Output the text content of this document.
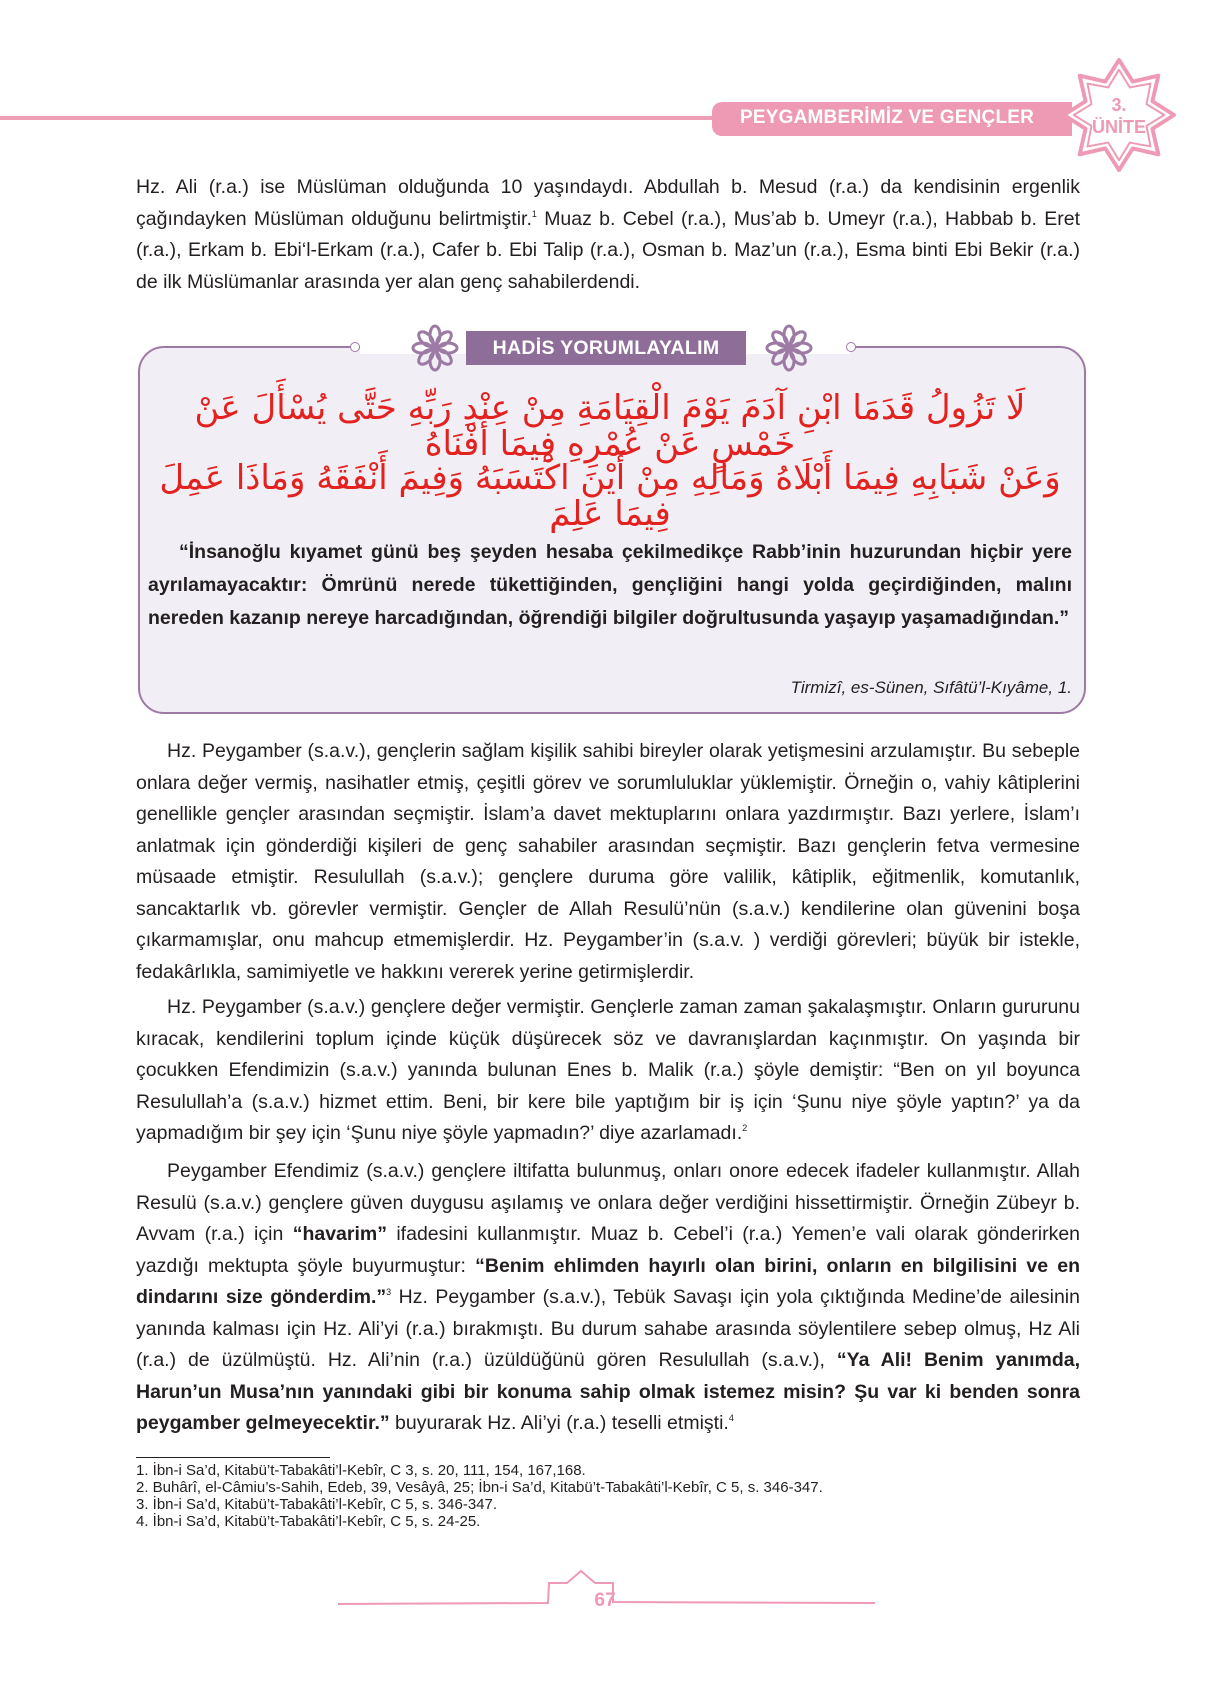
PEYGAMBERİMİZ VE GENÇLER
3.
ÜNİTE

Hz. Ali (r.a.) ise Müslüman olduğunda 10 yaşındaydı. Abdullah b. Mesud (r.a.) da kendisinin ergenlik çağındayken Müslüman olduğunu belirtmiştir.$^1$ Muaz b. Cebel (r.a.), Mus’ab b. Umeyr (r.a.), Habbab b. Eret (r.a.), Erkam b. Ebi‘l-Erkam (r.a.), Cafer b. Ebi Talip (r.a.), Osman b. Maz’un (r.a.), Esma binti Ebi Bekir (r.a.) de ilk Müslümanlar arasında yer alan genç sahabilerdendi.

HADİS YORUMLAYALIM
لَا تَزُولُ قَدَمَا ابْنِ آدَمَ يَوْمَ الْقِيَامَةِ مِنْ عِنْدِ رَبِّهِ حَتَّى يُسْأَلَ عَنْ خَمْسٍ عَنْ عُمْرِهِ فِيمَا أَفْنَاهُ
وَعَنْ شَبَابِهِ فِيمَا أَبْلَاهُ وَمَالِهِ مِنْ أَيْنَ اكْتَسَبَهُ وَفِيمَ أَنْفَقَهُ وَمَاذَا عَمِلَ فِيمَا عَلِمَ

“İnsanoğlu kıyamet günü beş şeyden hesaba çekilmedikçe Rabb’inin huzurundan hiçbir yere ayrılamayacaktır: Ömrünü nerede tükettiğinden, gençliğini hangi yolda geçirdiğinden, malını nereden kazanıp nereye harcadığından, öğrendiği bilgiler doğrultusunda yaşayıp yaşamadığından.”

Tirmizî, es-Sünen, Sıfâtü’l-Kıyâme, 1.

Hz. Peygamber (s.a.v.), gençlerin sağlam kişilik sahibi bireyler olarak yetişmesini arzulamıştır. Bu sebeple onlara değer vermiş, nasihatler etmiş, çeşitli görev ve sorumluluklar yüklemiştir. Örneğin o, vahiy kâtiplerini genellikle gençler arasından seçmiştir. İslam’a davet mektuplarını onlara yazdırmıştır. Bazı yerlere, İslam’ı anlatmak için gönderdiği kişileri de genç sahabiler arasından seçmiştir. Bazı gençlerin fetva vermesine müsaade etmiştir. Resulullah (s.a.v.); gençlere duruma göre valilik, kâtiplik, eğitmenlik, komutanlık, sancaktarlık vb. görevler vermiştir. Gençler de Allah Resulü’nün (s.a.v.) kendilerine olan güvenini boşa çıkarmamışlar, onu mahcup etmemişlerdir. Hz. Peygamber’in (s.a.v. ) verdiği görevleri; büyük bir istekle, fedakârlıkla, samimiyetle ve hakkını vererek yerine getirmişlerdir.

Hz. Peygamber (s.a.v.) gençlere değer vermiştir. Gençlerle zaman zaman şakalaşmıştır. Onların gururunu kıracak, kendilerini toplum içinde küçük düşürecek söz ve davranışlardan kaçınmıştır. On yaşında bir çocukken Efendimizin (s.a.v.) yanında bulunan Enes b. Malik (r.a.) şöyle demiştir: “Ben on yıl boyunca Resulullah’a (s.a.v.) hizmet ettim. Beni, bir kere bile yaptığım bir iş için ‘Şunu niye şöyle yaptın?’ ya da yapmadığım bir şey için ‘Şunu niye şöyle yapmadın?’ diye azarlamadı.$^2$

Peygamber Efendimiz (s.a.v.) gençlere iltifatta bulunmuş, onları onore edecek ifadeler kullanmıştır. Allah Resulü (s.a.v.) gençlere güven duygusu aşılamış ve onlara değer verdiğini hissettirmiştir. Örneğin Zübeyr b. Avvam (r.a.) için “havarim” ifadesini kullanmıştır. Muaz b. Cebel’i (r.a.) Yemen’e vali olarak gönderirken yazdığı mektupta şöyle buyurmuştur: “Benim ehlimden hayırlı olan birini, onların en bilgilisini ve en dindarını size gönderdim.”$^3$ Hz. Peygamber (s.a.v.), Tebük Savaşı için yola çıktığında Medine’de ailesinin yanında kalması için Hz. Ali’yi (r.a.) bırakmıştı. Bu durum sahabe arasında söylentilere sebep olmuş, Hz Ali (r.a.) de üzülmüştü. Hz. Ali’nin (r.a.) üzüldüğünü gören Resulullah (s.a.v.), “Ya Ali! Benim yanımda, Harun’un Musa’nın yanındaki gibi bir konuma sahip olmak istemez misin? Şu var ki benden sonra peygamber gelmeyecektir.” buyurarak Hz. Ali’yi (r.a.) teselli etmişti.$^4$

1. İbn-i Sa’d, Kitabü’t-Tabakâti’l-Kebîr, C 3, s. 20, 111, 154, 167,168.
2. Buhârî, el-Câmiu’s-Sahih, Edeb, 39, Vesâyâ, 25; İbn-i Sa’d, Kitabü’t-Tabakâti’l-Kebîr, C 5, s. 346-347.
3. İbn-i Sa’d, Kitabü’t-Tabakâti’l-Kebîr, C 5, s. 346-347.
4. İbn-i Sa’d, Kitabü’t-Tabakâti’l-Kebîr, C 5, s. 24-25.
67
